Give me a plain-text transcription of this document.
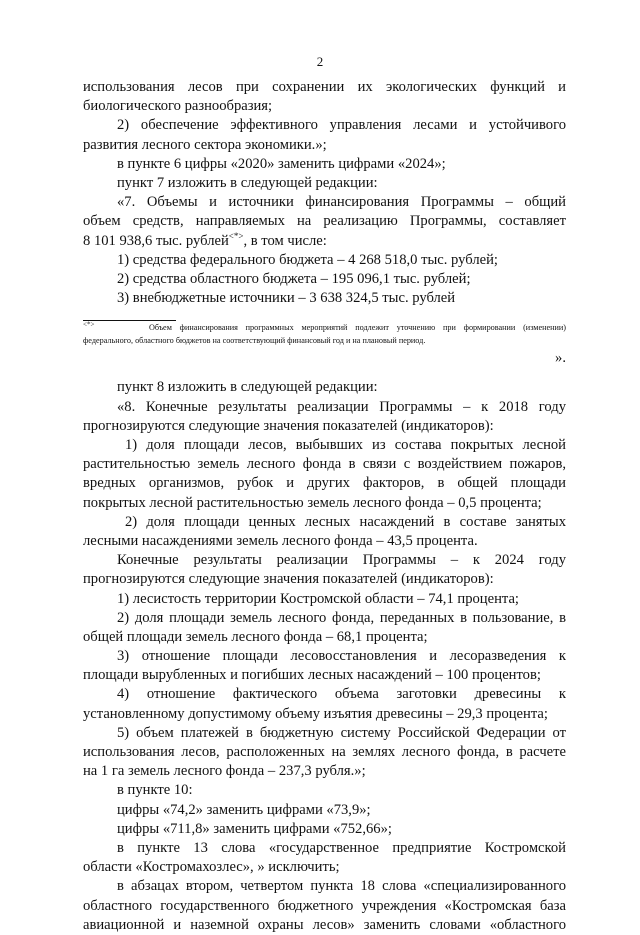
2
использования лесов при сохранении их экологических функций и
биологического разнообразия;
2) обеспечение эффективного управления лесами и устойчивого
развития лесного сектора экономики.»;
в пункте 6 цифры «2020» заменить цифрами «2024»;
пункт 7 изложить в следующей редакции:
«7. Объемы и источники финансирования Программы – общий
объем средств, направляемых на реализацию Программы, составляет
8 101 938,6 тыс. рублей<*>, в том числе:
1) средства федерального бюджета – 4 268 518,0 тыс. рублей;
2) средства областного бюджета – 195 096,1 тыс. рублей;
3) внебюджетные источники – 3 638 324,5 тыс. рублей
<*>	Объем финансирования программных мероприятий подлежит уточнению при формировании (изменении)
федерального, областного бюджетов на соответствующий финансовый год и на плановый период.
».
пункт 8 изложить в следующей редакции:
«8. Конечные результаты реализации Программы – к 2018 году
прогнозируются следующие значения показателей (индикаторов):
1) доля площади лесов, выбывших из состава покрытых лесной
растительностью земель лесного фонда в связи с воздействием пожаров,
вредных организмов, рубок и других факторов, в общей площади
покрытых лесной растительностью земель лесного фонда – 0,5 процента;
2) доля площади ценных лесных насаждений в составе занятых
лесными насаждениями земель лесного фонда – 43,5 процента.
Конечные результаты реализации Программы – к 2024 году
прогнозируются следующие значения показателей (индикаторов):
1) лесистость территории Костромской области – 74,1 процента;
2) доля площади земель лесного фонда, переданных в пользование, в
общей площади земель лесного фонда – 68,1 процента;
3) отношение площади лесовосстановления и лесоразведения к
площади вырубленных и погибших лесных насаждений – 100 процентов;
4) отношение фактического объема заготовки древесины к
установленному допустимому объему изъятия древесины – 29,3 процента;
5) объем платежей в бюджетную систему Российской Федерации от
использования лесов, расположенных на землях лесного фонда, в расчете
на 1 га земель лесного фонда – 237,3 рубля.»;
в пункте 10:
цифры «74,2» заменить цифрами «73,9»;
цифры «711,8» заменить цифрами «752,66»;
в пункте 13 слова «государственное предприятие Костромской
области «Костромахозлес», » исключить;
в абзацах втором, четвертом пункта 18 слова «специализированного
областного государственного бюджетного учреждения «Костромская база
авиационной и наземной охраны лесов» заменить словами «областного
